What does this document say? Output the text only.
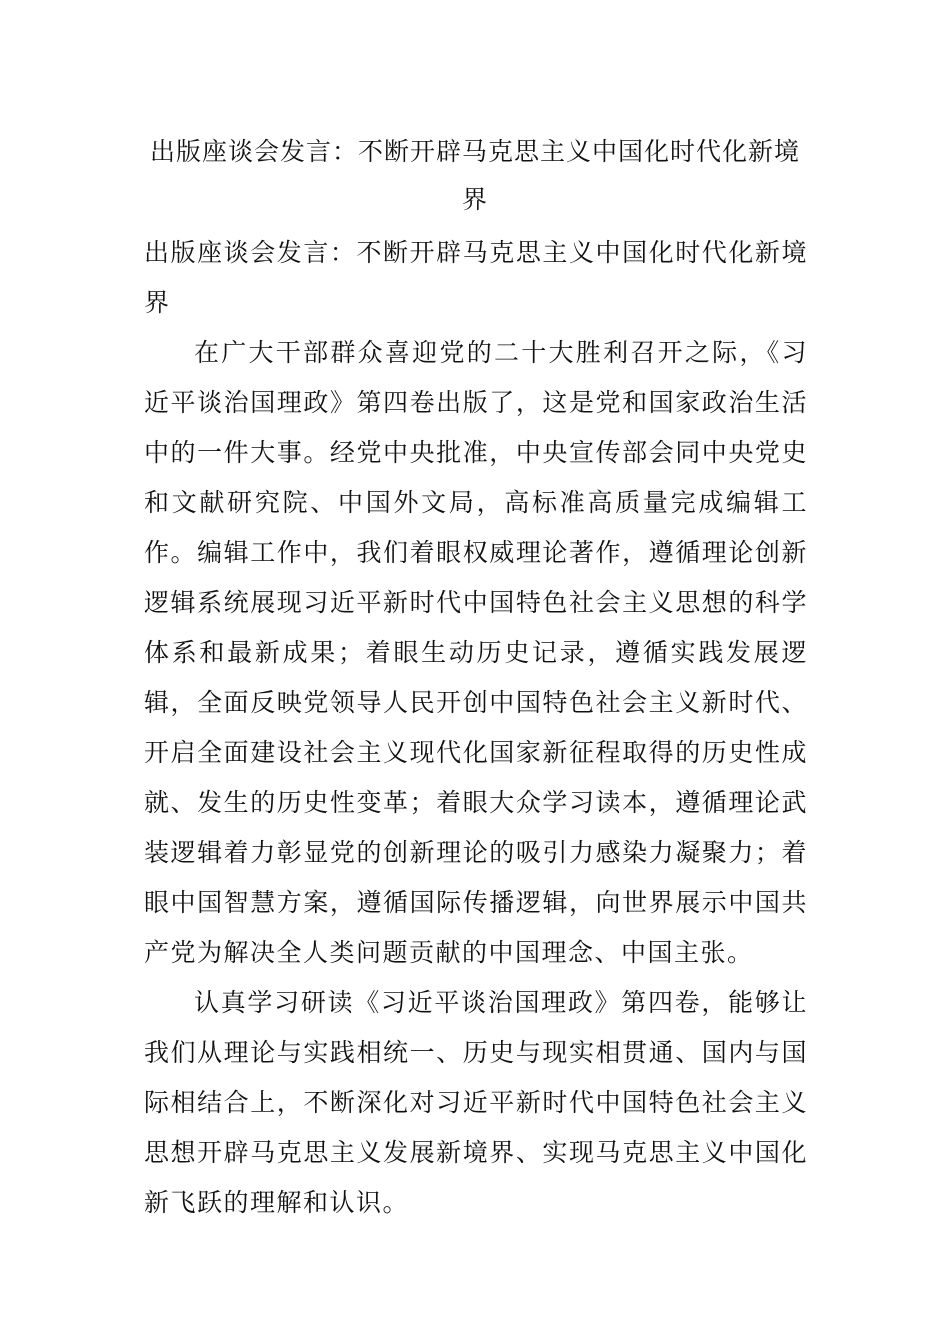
出版座谈会发言：不断开辟马克思主义中国化时代化新境界

出版座谈会发言：不断开辟马克思主义中国化时代化新境界

在广大干部群众喜迎党的二十大胜利召开之际，《习近平谈治国理政》第四卷出版了，这是党和国家政治生活中的一件大事。经党中央批准，中央宣传部会同中央党史和文献研究院、中国外文局，高标准高质量完成编辑工作。编辑工作中，我们着眼权威理论著作，遵循理论创新逻辑系统展现习近平新时代中国特色社会主义思想的科学体系和最新成果；着眼生动历史记录，遵循实践发展逻辑，全面反映党领导人民开创中国特色社会主义新时代、开启全面建设社会主义现代化国家新征程取得的历史性成就、发生的历史性变革；着眼大众学习读本，遵循理论武装逻辑着力彰显党的创新理论的吸引力感染力凝聚力；着眼中国智慧方案，遵循国际传播逻辑，向世界展示中国共产党为解决全人类问题贡献的中国理念、中国主张。

认真学习研读《习近平谈治国理政》第四卷，能够让我们从理论与实践相统一、历史与现实相贯通、国内与国际相结合上，不断深化对习近平新时代中国特色社会主义思想开辟马克思主义发展新境界、实现马克思主义中国化新飞跃的理解和认识。
